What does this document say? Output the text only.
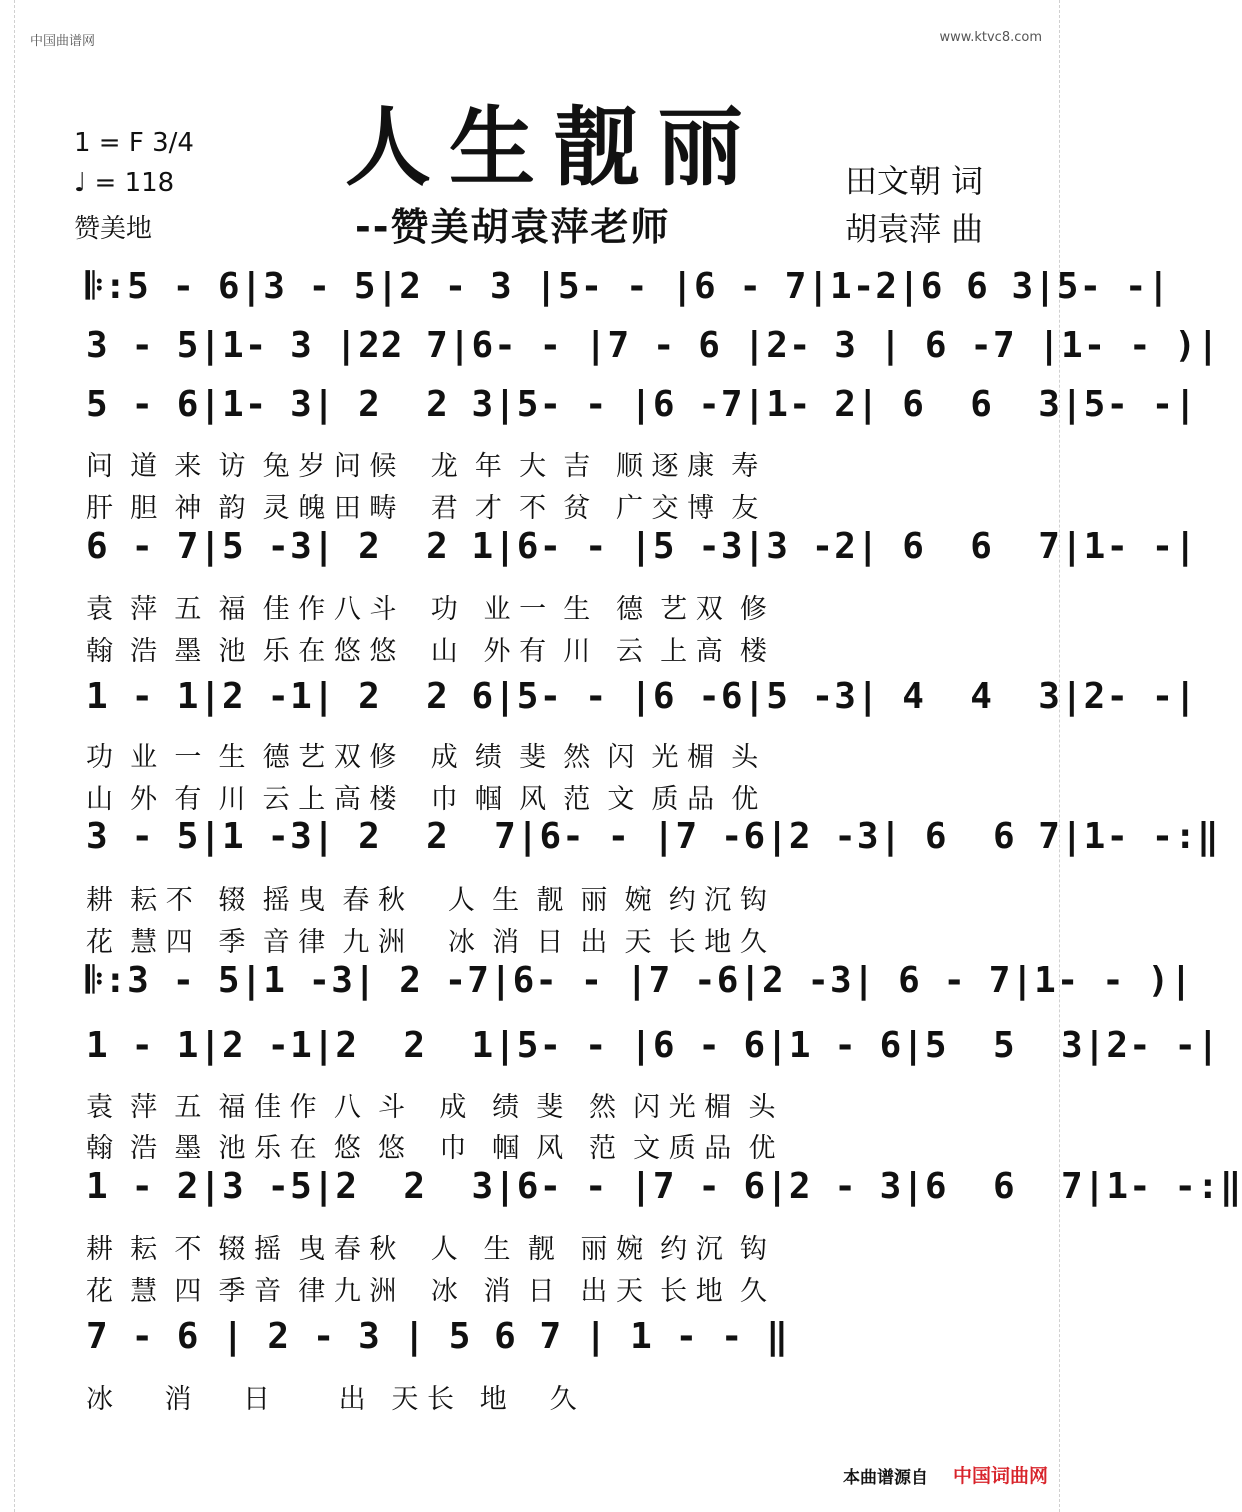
中国曲谱网	www.ktvc8.com
人生靓丽
--赞美胡袁萍老师
1 = F 3/4
♩ = 118
赞美地
田文朝 词
胡袁萍 曲
𝄆:5 - 6|3 - 5|2 - 3 |5- - |6 - 7|1-2|6 6 3|5- -|
3 - 5|1- 3 |22 7|6- - |7 - 6 |2- 3 | 6 -7 |1- - )|
5 - 6|1- 3| 2  2 3|5- - |6 -7|1- 2| 6  6  3|5- -|
问  道  来  访  兔 岁 问 候    龙  年  大  吉   顺 逐 康  寿
肝  胆  神  韵  灵 魄 田 畴    君  才  不  贫   广 交 博  友
6 - 7|5 -3| 2  2 1|6- - |5 -3|3 -2| 6  6  7|1- -|
袁  萍  五  福  佳 作 八 斗    功   业 一  生   德  艺 双  修
翰  浩  墨  池  乐 在 悠 悠    山   外 有  川   云  上 高  楼
1 - 1|2 -1| 2  2 6|5- - |6 -6|5 -3| 4  4  3|2- -|
功  业  一  生  德 艺 双 修    成  绩  斐  然  闪  光 楣  头
山  外  有  川  云 上 高 楼    巾  帼  风  范  文  质 品  优
3 - 5|1 -3| 2  2  7|6- - |7 -6|2 -3| 6  6 7|1- -:‖
耕  耘 不   辍  摇 曳  春 秋     人  生  靓  丽  婉  约 沉 钩
花  慧 四   季  音 律  九 洲     冰  消  日  出  天  长 地 久
𝄆:3 - 5|1 -3| 2 -7|6- - |7 -6|2 -3| 6 - 7|1- - )|
1 - 1|2 -1|2  2  1|5- - |6 - 6|1 - 6|5  5  3|2- -|
袁  萍  五  福 佳 作  八  斗    成   绩  斐   然  闪 光 楣  头
翰  浩  墨  池 乐 在  悠  悠    巾   帼  风   范  文 质 品  优
1 - 2|3 -5|2  2  3|6- - |7 - 6|2 - 3|6  6  7|1- -:‖
耕  耘  不  辍 摇  曳 春 秋    人   生  靓   丽 婉  约 沉  钩
花  慧  四  季 音  律 九 洲    冰   消  日   出 天  长 地  久
7 - 6 | 2 - 3 | 5 6 7 | 1 - - ‖
冰      消      日        出   天 长   地     久
本曲谱源自 中国词曲网
